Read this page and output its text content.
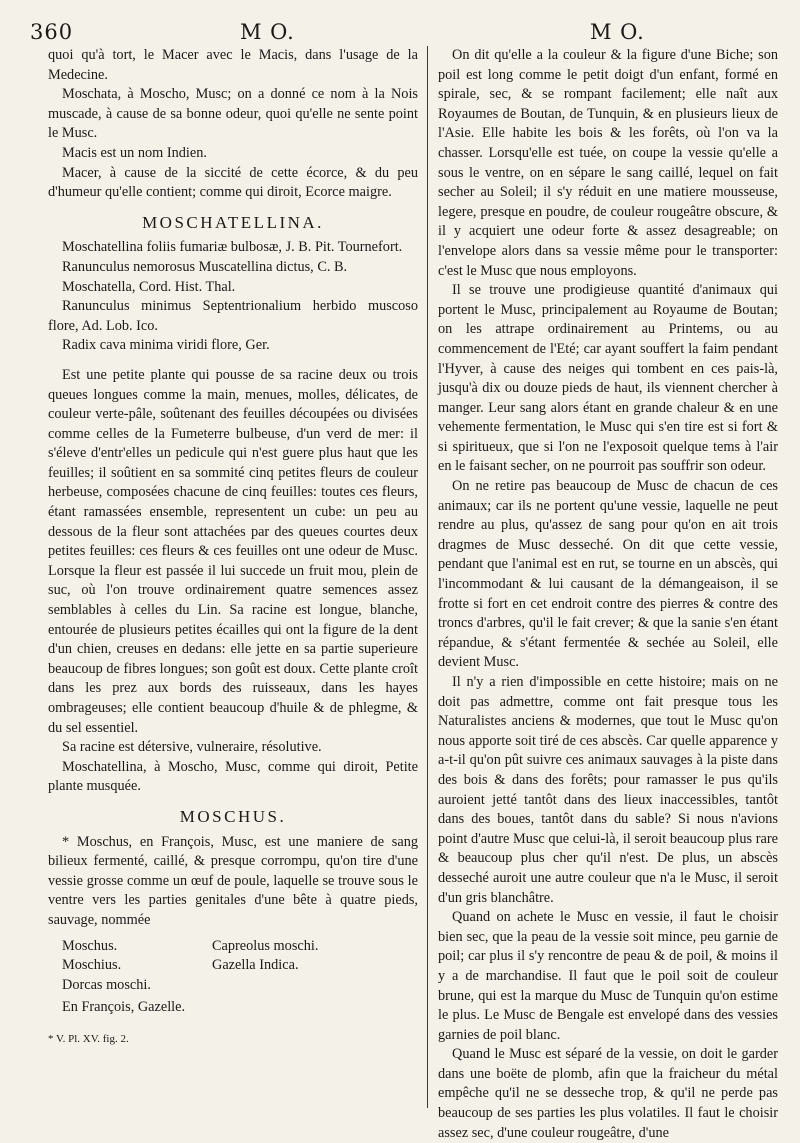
360	M O.	M O.

quoi qu'à tort, le Macer avec le Macis, dans l'usage de la Medecine.

Moschata, à Moscho, Musc; on a donné ce nom à la Nois muscade, à cause de sa bonne odeur, quoi qu'elle ne sente point le Musc.

Macis est un nom Indien.

Macer, à cause de la siccité de cette écorce, & du peu d'humeur qu'elle contient; comme qui diroit, Ecorce maigre.

MOSCHATELLINA.

Moschatellina foliis fumariæ bulbosæ, J. B. Pit. Tournefort.

Ranunculus nemorosus Muscatellina dictus, C. B.

Moschatella, Cord. Hist. Thal.

Ranunculus minimus Septentrionalium herbido muscoso flore, Ad. Lob. Ico.

Radix cava minima viridi flore, Ger.

Est une petite plante qui pousse de sa racine deux ou trois queues longues comme la main, menues, molles, délicates, de couleur verte-pâle, soûtenant des feuilles découpées ou divisées comme celles de la Fumeterre bulbeuse, d'un verd de mer: il s'éleve d'entr'elles un pedicule qui n'est guere plus haut que les feuilles; il soûtient en sa sommité cinq petites fleurs de couleur herbeuse, composées chacune de cinq feuilles: toutes ces fleurs, étant ramassées ensemble, representent un cube: un peu au dessous de la fleur sont attachées par des queues courtes deux petites feuilles: ces fleurs & ces feuilles ont une odeur de Musc. Lorsque la fleur est passée il lui succede un fruit mou, plein de suc, où l'on trouve ordinairement quatre semences assez semblables à celles du Lin. Sa racine est longue, blanche, entourée de plusieurs petites écailles qui ont la figure de la dent d'un chien, creuses en dedans: elle jette en sa partie superieure beaucoup de fibres longues; son goût est doux. Cette plante croît dans les prez aux bords des ruisseaux, dans les hayes ombrageuses; elle contient beaucoup d'huile & de phlegme, & du sel essentiel.

Sa racine est détersive, vulneraire, résolutive.

Moschatellina, à Moscho, Musc, comme qui diroit, Petite plante musquée.

MOSCHUS.

* Moschus, en François, Musc, est une maniere de sang bilieux fermenté, caillé, & presque corrompu, qu'on tire d'une vessie grosse comme un œuf de poule, laquelle se trouve sous le ventre vers les parties genitales d'une bête à quatre pieds, sauvage, nommée

Moschus.
Moschius.
Dorcas moschi.
Capreolus moschi.
Gazella Indica.

En François, Gazelle.

* V. Pl. XV. fig. 2.

On dit qu'elle a la couleur & la figure d'une Biche; son poil est long comme le petit doigt d'un enfant, formé en spirale, sec, & se rompant facilement; elle naît aux Royaumes de Boutan, de Tunquin, & en plusieurs lieux de l'Asie. Elle habite les bois & les forêts, où l'on va la chasser. Lorsqu'elle est tuée, on coupe la vessie qu'elle a sous le ventre, on en sépare le sang caillé, lequel on fait secher au Soleil; il s'y réduit en une matiere mousseuse, legere, presque en poudre, de couleur rougeâtre obscure, & il y acquiert une odeur forte & assez desagreable; on l'envelope alors dans sa vessie même pour le transporter: c'est le Musc que nous employons.

Il se trouve une prodigieuse quantité d'animaux qui portent le Musc, principalement au Royaume de Boutan; on les attrape ordinairement au Printems, ou au commencement de l'Eté; car ayant souffert la faim pendant l'Hyver, à cause des neiges qui tombent en ces pais-là, jusqu'à dix ou douze pieds de haut, ils viennent chercher à manger. Leur sang alors étant en grande chaleur & en une vehemente fermentation, le Musc qui s'en tire est si fort & si spiritueux, que si l'on ne l'exposoit quelque tems à l'air en le faisant secher, on ne pourroit pas souffrir son odeur.

On ne retire pas beaucoup de Musc de chacun de ces animaux; car ils ne portent qu'une vessie, laquelle ne peut rendre au plus, qu'assez de sang pour qu'on en ait trois dragmes de Musc desseché. On dit que cette vessie, pendant que l'animal est en rut, se tourne en un abscès, qui l'incommodant & lui causant de la démangeaison, il se frotte si fort en cet endroit contre des pierres & contre des troncs d'arbres, qu'il le fait crever; & que la sanie s'en étant répandue, & s'étant fermentée & sechée au Soleil, elle devient Musc.

Il n'y a rien d'impossible en cette histoire; mais on ne doit pas admettre, comme ont fait presque tous les Naturalistes anciens & modernes, que tout le Musc qu'on nous apporte soit tiré de ces abscès. Car quelle apparence y a-t-il qu'on pût suivre ces animaux sauvages à la piste dans des bois & dans des forêts; pour ramasser le pus qu'ils auroient jetté tantôt dans des lieux inaccessibles, tantôt dans des boues, tantôt dans du sable? Si nous n'avions point d'autre Musc que celui-là, il seroit beaucoup plus rare & beaucoup plus cher qu'il n'est. De plus, un abscès desseché auroit une autre couleur que n'a le Musc, il seroit d'un gris blanchâtre.

Quand on achete le Musc en vessie, il faut le choisir bien sec, que la peau de la vessie soit mince, peu garnie de poil; car plus il s'y rencontre de peau & de poil, & moins il y a de marchandise. Il faut que le poil soit de couleur brune, qui est la marque du Musc de Tunquin qu'on estime le plus. Le Musc de Bengale est envelopé dans des vessies garnies de poil blanc.

Quand le Musc est séparé de la vessie, on doit le garder dans une boëte de plomb, afin que la fraicheur du métal empêche qu'il ne se desseche trop, & qu'il ne perde pas beaucoup de ses parties les plus volatiles. Il faut le choisir assez sec, d'une couleur rougeâtre, d'une
